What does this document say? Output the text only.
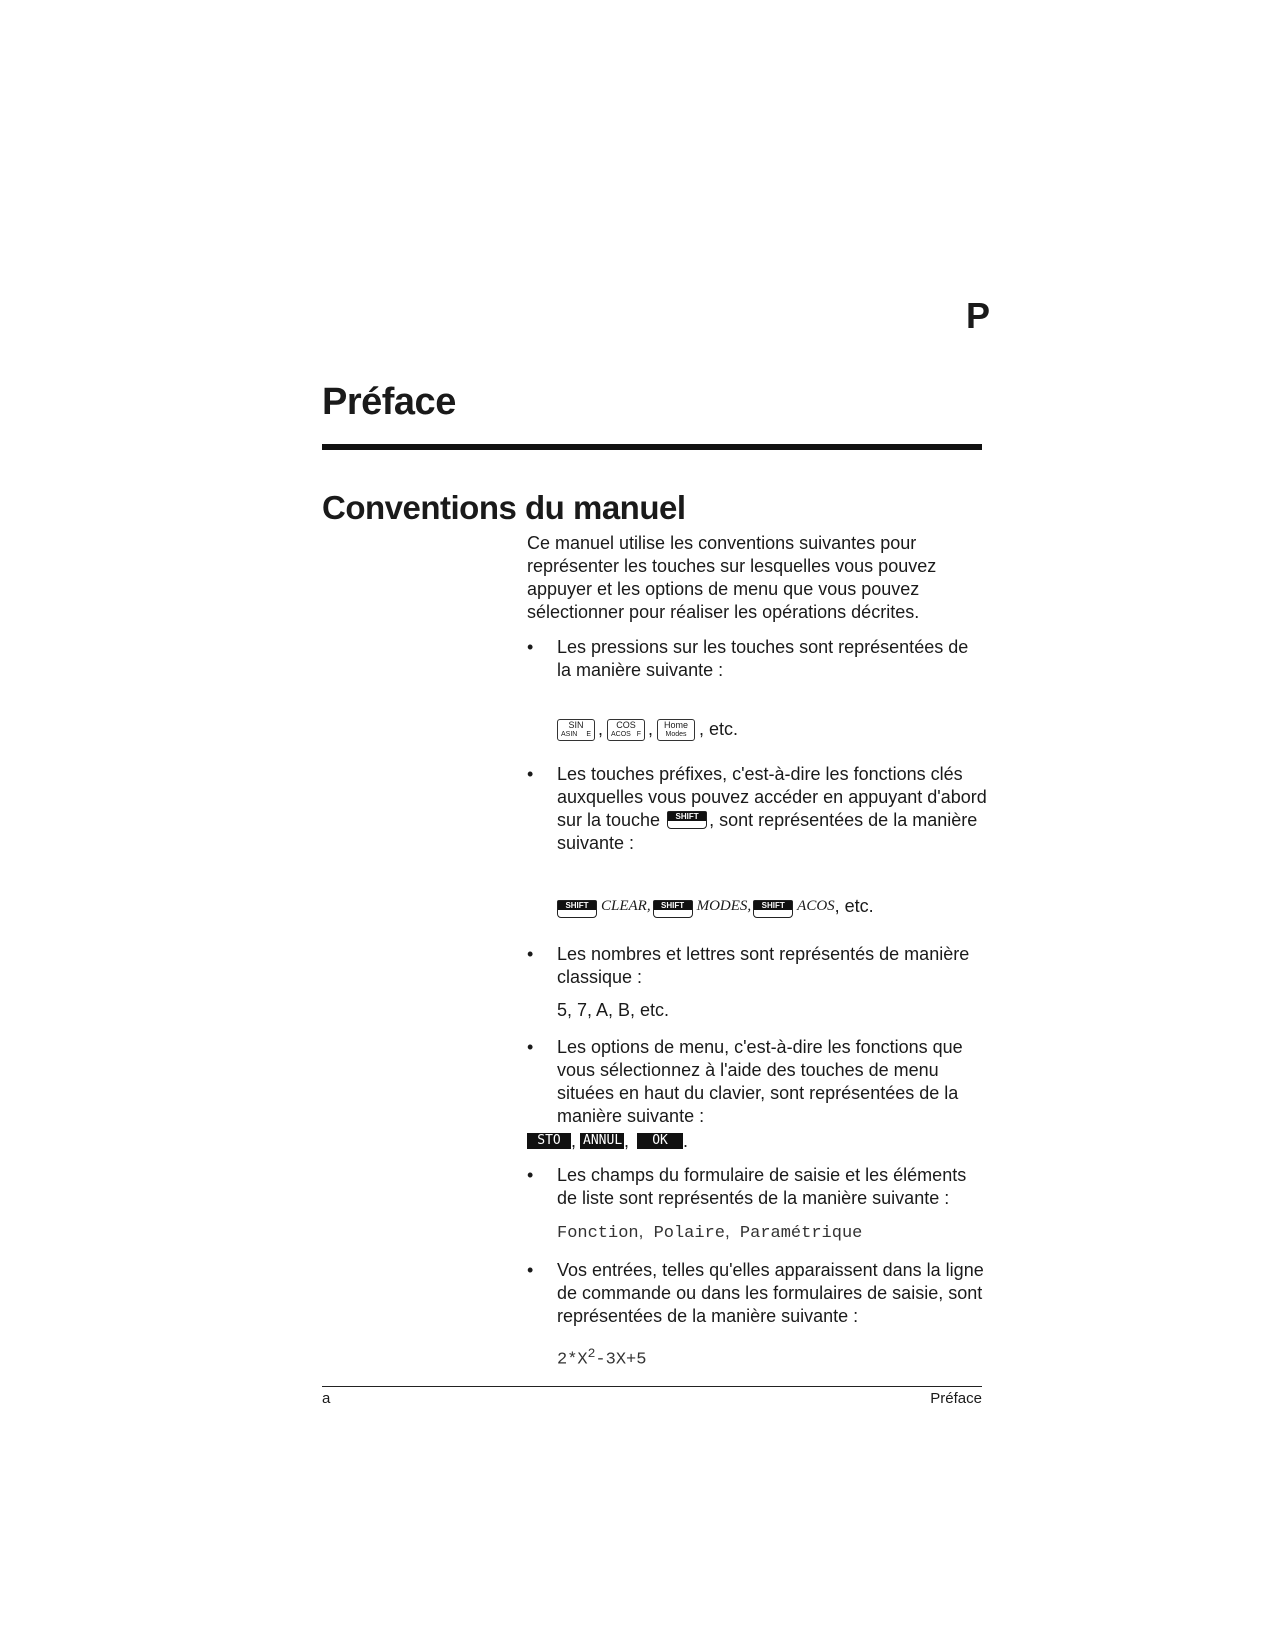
P
Préface
Conventions du manuel

Ce manuel utilise les conventions suivantes pour représenter les touches sur lesquelles vous pouvez appuyer et les options de menu que vous pouvez sélectionner pour réaliser les opérations décrites.

•	Les pressions sur les touches sont représentées de la manière suivante :
SIN
ASIN E ,	COS
ACOS F ,	Home
Modes , etc.
•	Les touches préfixes, c'est-à-dire les fonctions clés auxquelles vous pouvez accéder en appuyant d'abord sur la touche	SHIFT , sont représentées de la manière suivante :
SHIFT CLEAR,	SHIFT MODES,	SHIFT ACOS , etc.
•	Les nombres et lettres sont représentés de manière classique :
5, 7, A, B, etc.
•	Les options de menu, c'est-à-dire les fonctions que vous sélectionnez à l'aide des touches de menu situées en haut du clavier, sont représentées de la manière suivante :
STO ►
, ANNUL ,	OK .
•	Les champs du formulaire de saisie et les éléments de liste sont représentés de la manière suivante :
Fonction, Polaire, Paramétrique
•	Vos entrées, telles qu'elles apparaissent dans la ligne de commande ou dans les formulaires de saisie, sont représentées de la manière suivante :
$2*X^2-3X+5$
a	Préface
